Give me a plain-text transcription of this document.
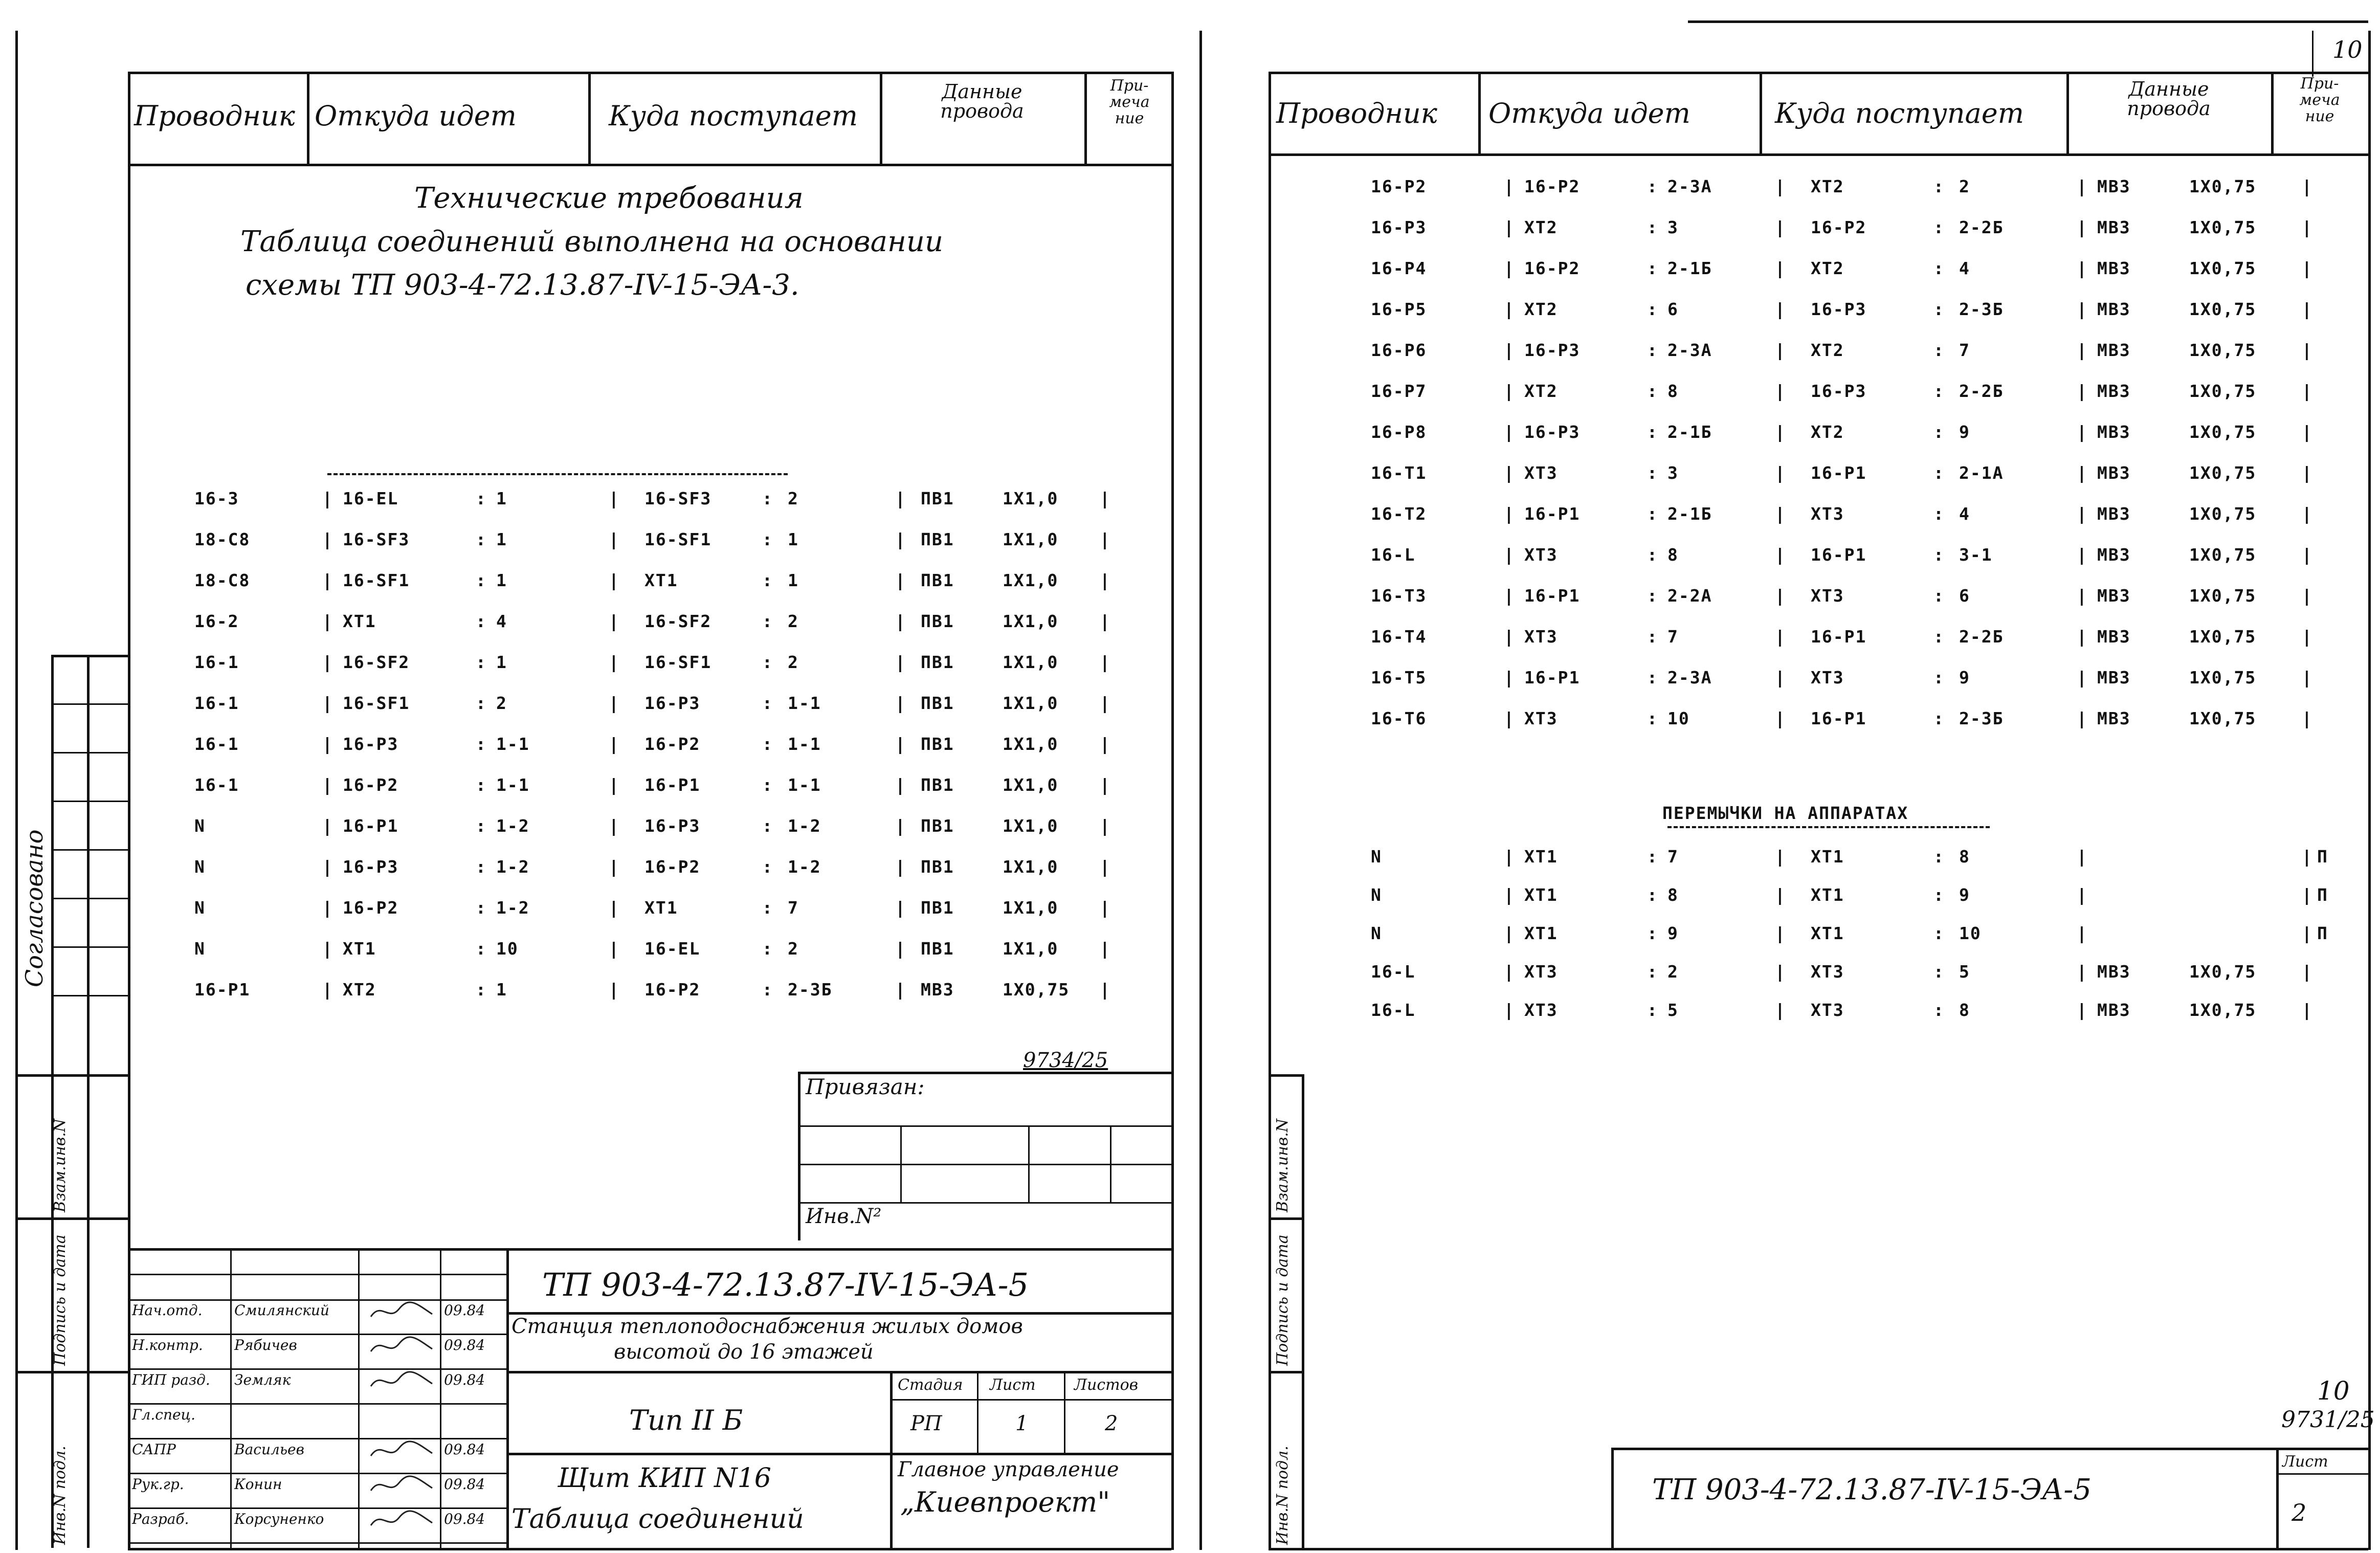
Проводник Откуда идет	Куда поступает
Данные
провода
При-
меча
ние
Технические требования
Таблица соединений выполнена на основании
схемы ТП 903-4-72.13.87-IV-15-ЭА-3.
16-3	| 16-EL	: 1	| 16-SF3	: 2	| ПВ1	1Х1,0 |
18-С8	| 16-SF3	: 1	| 16-SF1	: 1	| ПВ1	1Х1,0 |
18-С8	| 16-SF1	: 1	| XT1	: 1	| ПВ1	1Х1,0 |
16-2	| XT1	: 4	| 16-SF2	: 2	| ПВ1	1Х1,0 |
16-1	| 16-SF2	: 1	| 16-SF1	: 2	| ПВ1	1Х1,0 |
16-1	| 16-SF1	: 2	| 16-P3	: 1-1	| ПВ1	1Х1,0 |
16-1	| 16-P3	: 1-1	| 16-P2	: 1-1	| ПВ1	1Х1,0 |
16-1	| 16-P2	: 1-1	| 16-P1	: 1-1	| ПВ1	1Х1,0 |
N	| 16-P1	: 1-2	| 16-P3	: 1-2	| ПВ1	1Х1,0 |
N	| 16-P3	: 1-2	| 16-P2	: 1-2	| ПВ1	1Х1,0 |
N	| 16-P2	: 1-2	| XT1	: 7	| ПВ1	1Х1,0 |
N	| XT1	: 10	| 16-EL	: 2	| ПВ1	1Х1,0 |
16-Р1	| XT2	: 1	| 16-P2	: 2-3Б	| МВ3	1Х0,75 |
9734/25
Привязан:
Инв.N²
Согласовано
Взам.инв.N
Подпись и дата
Инв.N подл.
Нач.отд. Смилянский	09.84
Н.контр. Рябичев	09.84
ГИП разд. Земляк	09.84
Гл.спец.
САПР	Васильев	09.84
Рук.гр.	Конин	09.84
Разраб.	Корсуненко	09.84
ТП 903-4-72.13.87-IV-15-ЭА-5
Станция теплоподоснабжения жилых домов
высотой до 16 этажей
Тип II Б
Стадия Лист	Листов
РП	1	2
Щит КИП N16
Таблица соединений
Главное управление
„Киевпроект"
10
Проводник Откуда идет	Куда поступает
Данные
провода
При-
меча
ние
16-Р2	| 16-P2	: 2-3А	| XT2	: 2	| МВ3	1Х0,75	|
16-Р3	| XT2	: 3	| 16-P2	: 2-2Б	| МВ3	1Х0,75	|
16-Р4	| 16-P2	: 2-1Б	| XT2	: 4	| МВ3	1Х0,75	|
16-Р5	| XT2	: 6	| 16-P3	: 2-3Б	| МВ3	1Х0,75	|
16-Р6	| 16-P3	: 2-3А	| XT2	: 7	| МВ3	1Х0,75	|
16-Р7	| XT2	: 8	| 16-P3	: 2-2Б	| МВ3	1Х0,75	|
16-Р8	| 16-P3	: 2-1Б	| XT2	: 9	| МВ3	1Х0,75	|
16-Т1	| XT3	: 3	| 16-P1	: 2-1А	| МВ3	1Х0,75	|
16-Т2	| 16-P1	: 2-1Б	| XT3	: 4	| МВ3	1Х0,75	|
16-L	| XT3	: 8	| 16-P1	: 3-1	| МВ3	1Х0,75	|
16-Т3	| 16-P1	: 2-2А	| XT3	: 6	| МВ3	1Х0,75	|
16-Т4	| XT3	: 7	| 16-P1	: 2-2Б	| МВ3	1Х0,75	|
16-Т5	| 16-P1	: 2-3А	| XT3	: 9	| МВ3	1Х0,75	|
16-Т6	| XT3	: 10	| 16-P1	: 2-3Б	| МВ3	1Х0,75	|
ПЕРЕМЫЧКИ НА АППАРАТАХ
N	| XT1	: 7	| XT1	: 8	|	| П
N	| XT1	: 8	| XT1	: 9	|	| П
N	| XT1	: 9	| XT1	: 10	|	| П
16-L	| XT3	: 2	| XT3	: 5	| МВ3	1Х0,75	|
16-L	| XT3	: 5	| XT3	: 8	| МВ3	1Х0,75	|
Взам.инв.N
Подпись и дата
Инв.N подл.
10
9731/25
ТП 903-4-72.13.87-IV-15-ЭА-5
Лист
2
